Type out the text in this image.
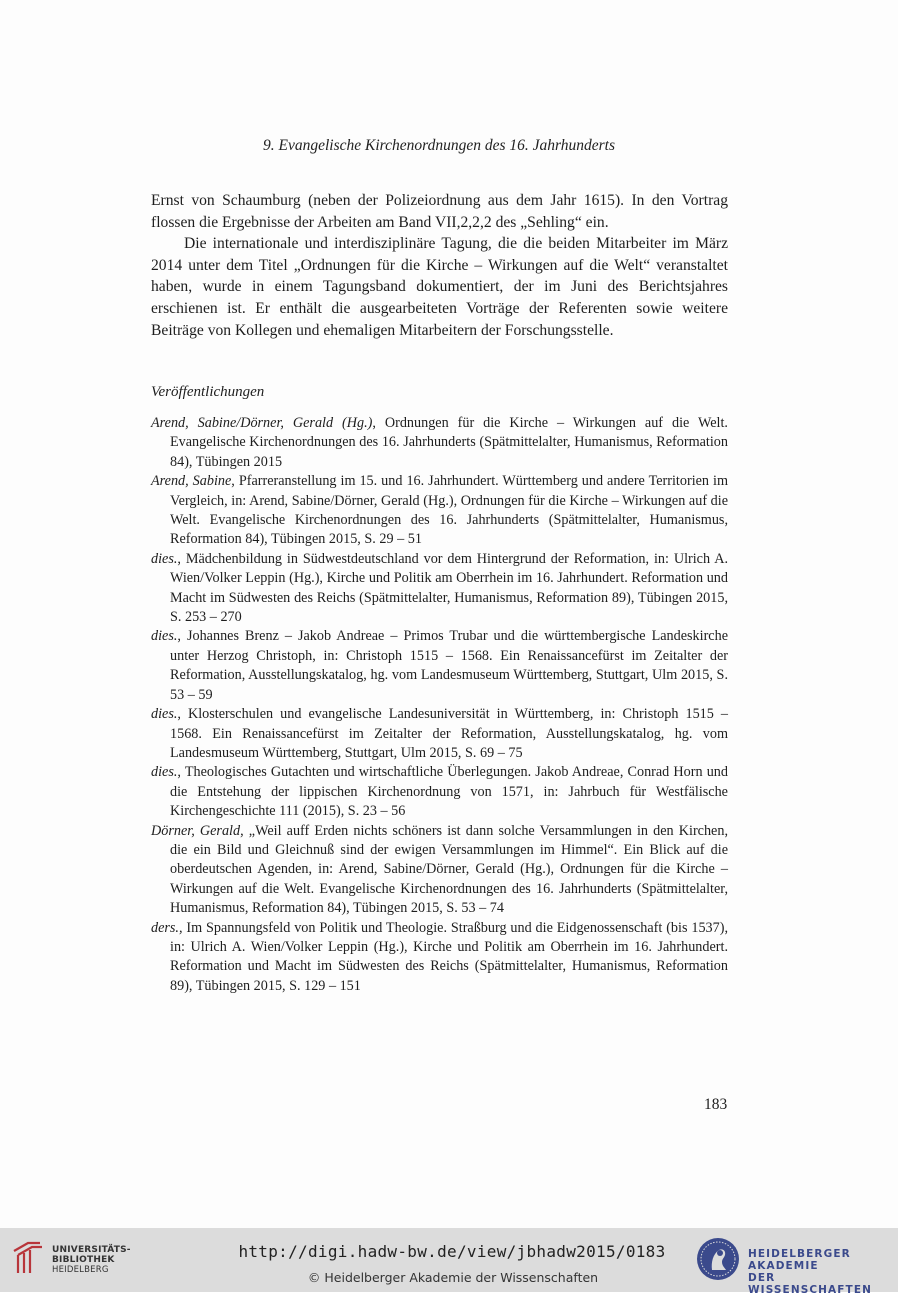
9. Evangelische Kirchenordnungen des 16. Jahrhunderts

Ernst von Schaumburg (neben der Polizeiordnung aus dem Jahr 1615). In den Vortrag flossen die Ergebnisse der Arbeiten am Band VII,2,2,2 des „Sehling“ ein.

Die internationale und interdisziplinäre Tagung, die die beiden Mitarbeiter im März 2014 unter dem Titel „Ordnungen für die Kirche – Wirkungen auf die Welt“ veranstaltet haben, wurde in einem Tagungsband dokumentiert, der im Juni des Berichtsjahres erschienen ist. Er enthält die ausgearbeiteten Vorträge der Referenten sowie weitere Beiträge von Kollegen und ehemaligen Mitarbeitern der Forschungsstelle.

Veröffentlichungen

Arend, Sabine/Dörner, Gerald (Hg.), Ordnungen für die Kirche – Wirkungen auf die Welt. Evangelische Kirchenordnungen des 16. Jahrhunderts (Spätmittelalter, Humanismus, Reformation 84), Tübingen 2015

Arend, Sabine, Pfarreranstellung im 15. und 16. Jahrhundert. Württemberg und andere Territorien im Vergleich, in: Arend, Sabine/Dörner, Gerald (Hg.), Ordnungen für die Kirche – Wirkungen auf die Welt. Evangelische Kirchenordnungen des 16. Jahrhunderts (Spätmittelalter, Humanismus, Reformation 84), Tübingen 2015, S. 29 – 51

dies., Mädchenbildung in Südwestdeutschland vor dem Hintergrund der Reformation, in: Ulrich A. Wien/Volker Leppin (Hg.), Kirche und Politik am Oberrhein im 16. Jahrhundert. Reformation und Macht im Südwesten des Reichs (Spätmittelalter, Humanismus, Reformation 89), Tübingen 2015, S. 253 – 270

dies., Johannes Brenz – Jakob Andreae – Primos Trubar und die württembergische Landeskirche unter Herzog Christoph, in: Christoph 1515 – 1568. Ein Renaissancefürst im Zeitalter der Reformation, Ausstellungskatalog, hg. vom Landesmuseum Württemberg, Stuttgart, Ulm 2015, S. 53 – 59

dies., Klosterschulen und evangelische Landesuniversität in Württemberg, in: Christoph 1515 – 1568. Ein Renaissancefürst im Zeitalter der Reformation, Ausstellungskatalog, hg. vom Landesmuseum Württemberg, Stuttgart, Ulm 2015, S. 69 – 75

dies., Theologisches Gutachten und wirtschaftliche Überlegungen. Jakob Andreae, Conrad Horn und die Entstehung der lippischen Kirchenordnung von 1571, in: Jahrbuch für Westfälische Kirchengeschichte 111 (2015), S. 23 – 56

Dörner, Gerald, „Weil auff Erden nichts schöners ist dann solche Versammlungen in den Kirchen, die ein Bild und Gleichnuß sind der ewigen Versammlungen im Himmel“. Ein Blick auf die oberdeutschen Agenden, in: Arend, Sabine/Dörner, Gerald (Hg.), Ordnungen für die Kirche – Wirkungen auf die Welt. Evangelische Kirchenordnungen des 16. Jahrhunderts (Spätmittelalter, Humanismus, Reformation 84), Tübingen 2015, S. 53 – 74

ders., Im Spannungsfeld von Politik und Theologie. Straßburg und die Eidgenossenschaft (bis 1537), in: Ulrich A. Wien/Volker Leppin (Hg.), Kirche und Politik am Oberrhein im 16. Jahrhundert. Reformation und Macht im Südwesten des Reichs (Spätmittelalter, Humanismus, Reformation 89), Tübingen 2015, S. 129 – 151

183
UNIVERSITÄTS-
BIBLIOTHEK
HEIDELBERG
http://digi.hadw-bw.de/view/jbhadw2015/0183
© Heidelberger Akademie der Wissenschaften
HEIDELBERGER AKADEMIE
DER WISSENSCHAFTEN
